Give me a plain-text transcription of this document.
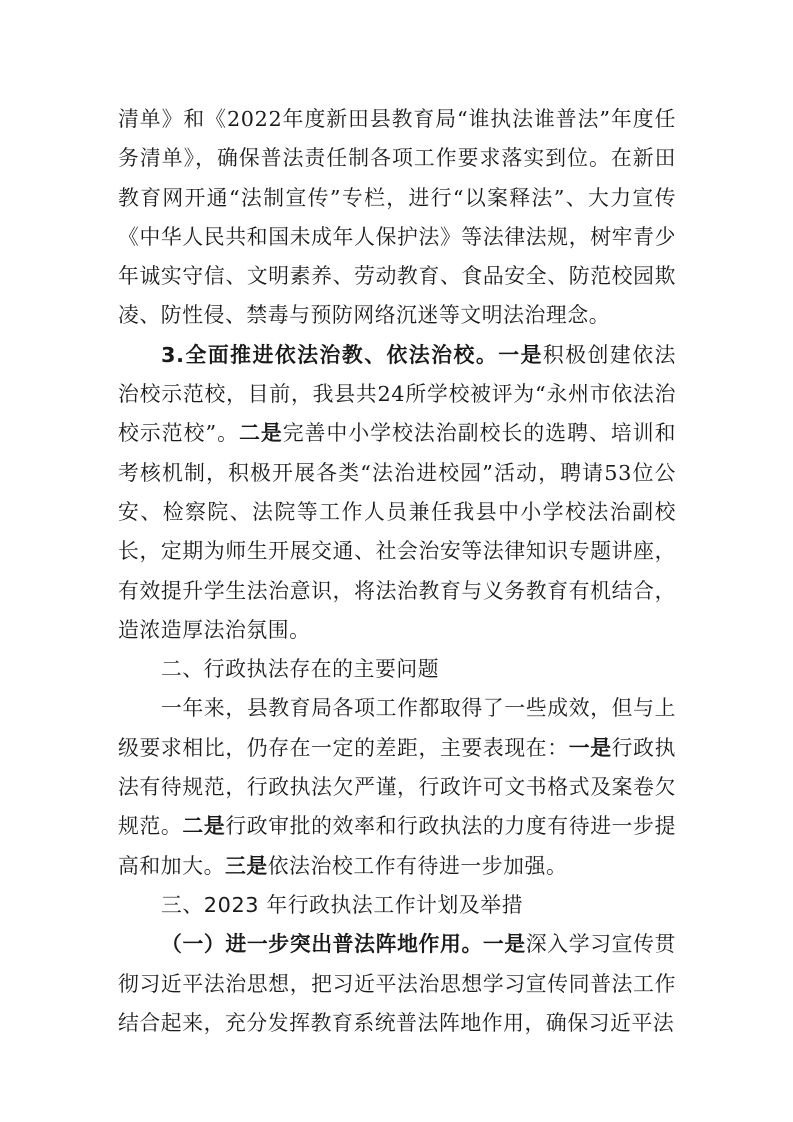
清单》和《2022年度新田县教育局“谁执法谁普法”年度任务清单》，确保普法责任制各项工作要求落实到位。在新田教育网开通“法制宣传”专栏，进行“以案释法”、大力宣传《中华人民共和国未成年人保护法》等法律法规，树牢青少年诚实守信、文明素养、劳动教育、食品安全、防范校园欺凌、防性侵、禁毒与预防网络沉迷等文明法治理念。

3.全面推进依法治教、依法治校。一是积极创建依法治校示范校，目前，我县共24所学校被评为“永州市依法治校示范校”。二是完善中小学校法治副校长的选聘、培训和考核机制，积极开展各类“法治进校园”活动，聘请53位公安、检察院、法院等工作人员兼任我县中小学校法治副校长，定期为师生开展交通、社会治安等法律知识专题讲座，有效提升学生法治意识，将法治教育与义务教育有机结合，造浓造厚法治氛围。

二、行政执法存在的主要问题

一年来，县教育局各项工作都取得了一些成效，但与上级要求相比，仍存在一定的差距，主要表现在：一是行政执法有待规范，行政执法欠严谨，行政许可文书格式及案卷欠规范。二是行政审批的效率和行政执法的力度有待进一步提高和加大。三是依法治校工作有待进一步加强。

三、2023 年行政执法工作计划及举措

（一）进一步突出普法阵地作用。一是深入学习宣传贯彻习近平法治思想，把习近平法治思想学习宣传同普法工作结合起来，充分发挥教育系统普法阵地作用，确保习近平法
